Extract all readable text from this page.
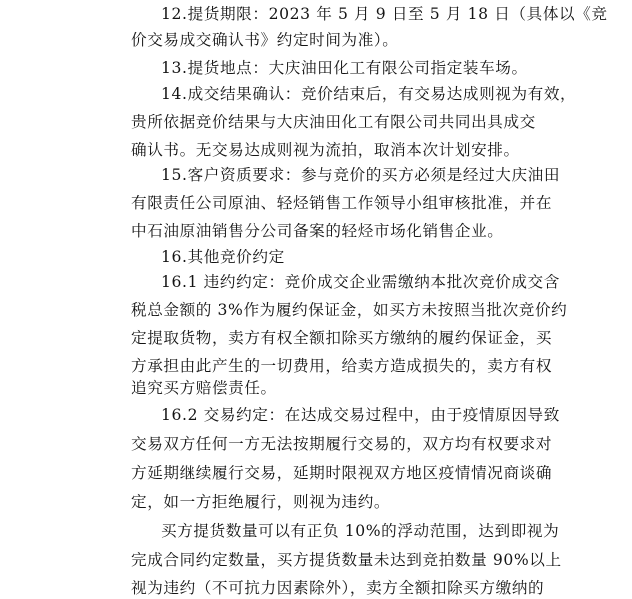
12.提货期限：2023 年 5 月 9 日至 5 月 18 日（具体以《竞
价交易成交确认书》约定时间为准）。
13.提货地点：大庆油田化工有限公司指定装车场。
14.成交结果确认：竞价结束后，有交易达成则视为有效，
贵所依据竞价结果与大庆油田化工有限公司共同出具成交
确认书。无交易达成则视为流拍，取消本次计划安排。
15.客户资质要求：参与竞价的买方必须是经过大庆油田
有限责任公司原油、轻烃销售工作领导小组审核批准，并在
中石油原油销售分公司备案的轻烃市场化销售企业。
16.其他竞价约定
16.1 违约约定：竞价成交企业需缴纳本批次竞价成交含
税总金额的 3%作为履约保证金，如买方未按照当批次竞价约
定提取货物，卖方有权全额扣除买方缴纳的履约保证金，买
方承担由此产生的一切费用，给卖方造成损失的，卖方有权
追究买方赔偿责任。
16.2 交易约定：在达成交易过程中，由于疫情原因导致
交易双方任何一方无法按期履行交易的，双方均有权要求对
方延期继续履行交易，延期时限视双方地区疫情情况商谈确
定，如一方拒绝履行，则视为违约。
买方提货数量可以有正负 10%的浮动范围，达到即视为
完成合同约定数量，买方提货数量未达到竞拍数量 90%以上
视为违约（不可抗力因素除外），卖方全额扣除买方缴纳的
